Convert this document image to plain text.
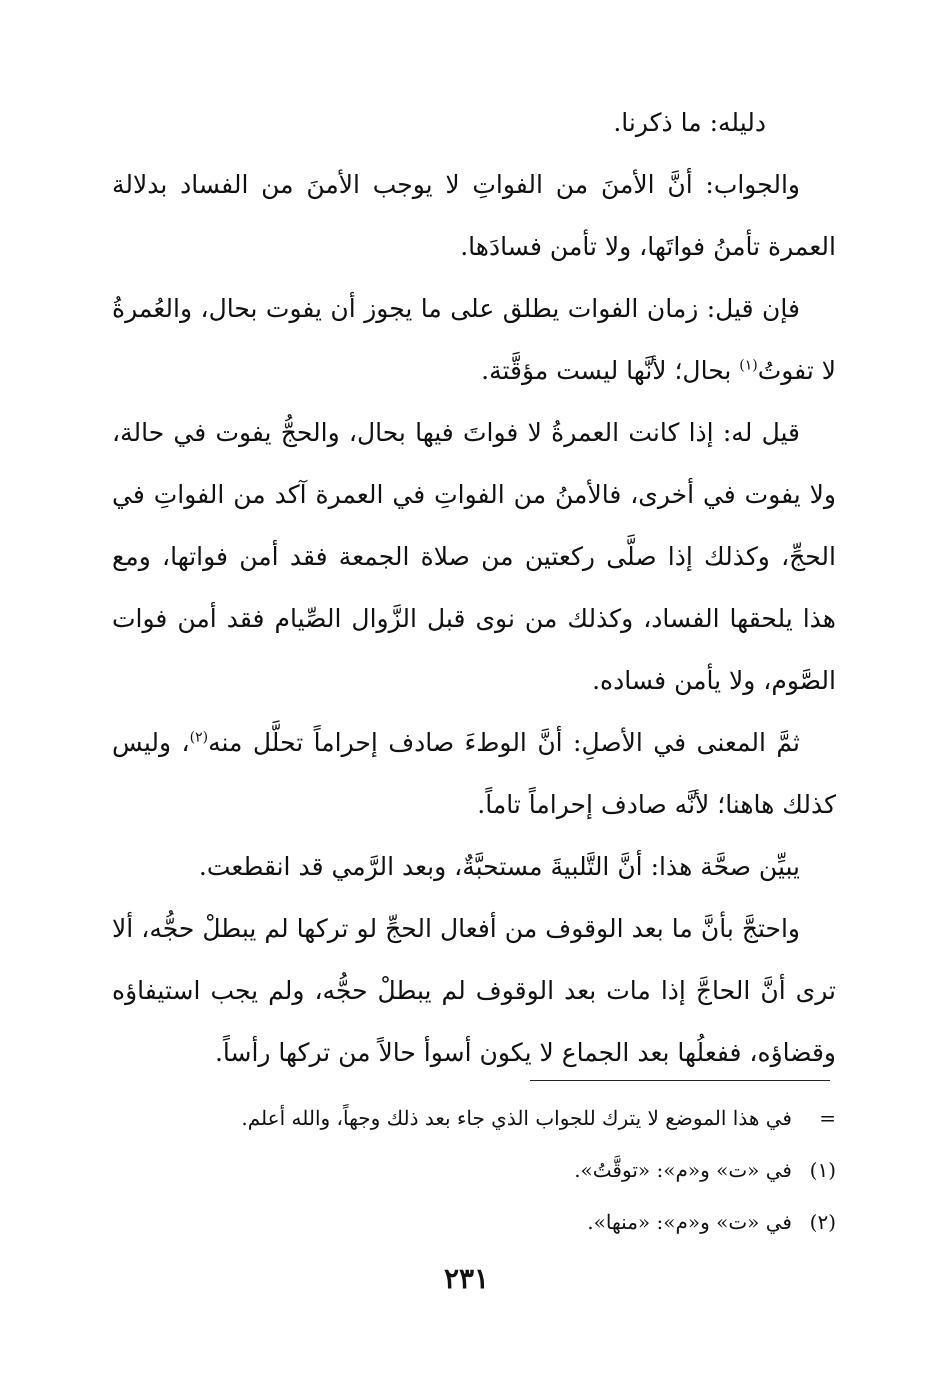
دليله: ما ذكرنا.

والجواب: أنَّ الأمنَ من الفواتِ لا يوجب الأمنَ من الفساد بدلالة العمرة تأمنُ فواتَها، ولا تأمن فسادَها.

فإن قيل: زمان الفوات يطلق على ما يجوز أن يفوت بحال، والعُمرةُ لا تفوتُ$^{(١)}$ بحال؛ لأنَّها ليست مؤقَّتة.

قيل له: إذا كانت العمرةُ لا فواتَ فيها بحال، والحجُّ يفوت في حالة، ولا يفوت في أخرى، فالأمنُ من الفواتِ في العمرة آكد من الفواتِ في الحجِّ، وكذلك إذا صلَّى ركعتين من صلاة الجمعة فقد أمن فواتها، ومع هذا يلحقها الفساد، وكذلك من نوى قبل الزَّوال الصِّيام فقد أمن فوات الصَّوم، ولا يأمن فساده.

ثمَّ المعنى في الأصلِ: أنَّ الوطءَ صادف إحراماً تحلَّل منه$^{(٢)}$، وليس كذلك هاهنا؛ لأنَّه صادف إحراماً تاماً.

يبيِّن صحَّة هذا: أنَّ التَّلبيةَ مستحبَّةٌ، وبعد الرَّمي قد انقطعت.

واحتجَّ بأنَّ ما بعد الوقوف من أفعال الحجِّ لو تركها لم يبطلْ حجُّه، ألا ترى أنَّ الحاجَّ إذا مات بعد الوقوف لم يبطلْ حجُّه، ولم يجب استيفاؤه وقضاؤه، ففعلُها بعد الجماع لا يكون أسوأ حالاً من تركها رأساً.

=في هذا الموضع لا يترك للجواب الذي جاء بعد ذلك وجهاً، والله أعلم.

(١)في «ت» و«م»: «توقَّتُ».

(٢)في «ت» و«م»: «منها».

٢٣١
